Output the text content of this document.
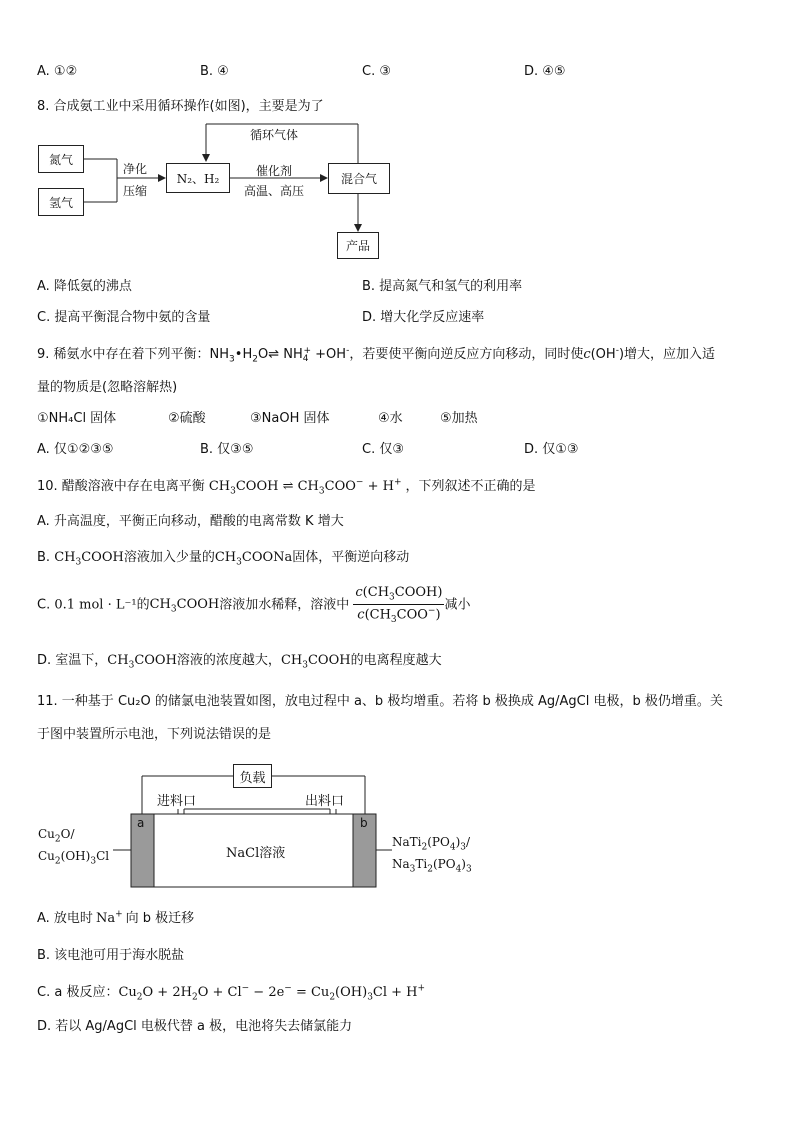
A. ①②	B. ④	C. ③	D. ④⑤
8. 合成氨工业中采用循环操作(如图)，主要是为了
氮气
氢气
净化
压缩
N₂、H₂
催化剂
高温、高压
混合气
循环气体
产品
A. 降低氨的沸点	B. 提高氮气和氢气的利用率
C. 提高平衡混合物中氨的含量	D. 增大化学反应速率
9. 稀氨水中存在着下列平衡：$NH_3•H_2O\rightleftharpoons$ $NH_4^+ +OH^-$，若要使平衡向逆反应方向移动，同时使c(OH-)增大，应加入适
量的物质是(忽略溶解热)
①NH₄Cl 固体	②硫酸	③NaOH 固体	④水	⑤加热
A. 仅①②③⑤	B. 仅③⑤	C. 仅③	D. 仅①③
10. 醋酸溶液中存在电离平衡 $CH_3COOH$ ⇌ $CH_3COO^- + H^+$ ，下列叙述不正确的是
A. 升高温度，平衡正向移动，醋酸的电离常数 K 增大
B. $CH_3COOH$溶液加入少量的$CH_3COONa$固体，平衡逆向移动
C. 0.1 mol · L⁻¹的$CH_3COOH$溶液加水稀释，溶液中 $\frac{c(CH_3COOH)}{c(CH_3COO^-)}$ 减小
D. 室温下，$CH_3COOH$溶液的浓度越大，$CH_3COOH$的电离程度越大
11. 一种基于 Cu₂O 的储氯电池装置如图，放电过程中 a、b 极均增重。若将 b 极换成 Ag/AgCl 电极，b 极仍增重。关
于图中装置所示电池，下列说法错误的是
负载
进料口	出料口
a	b
NaCl溶液
$Cu_2O/$
$Cu_2(OH)_3Cl$
$NaTi_2(PO_4)_3/$
$Na_3Ti_2(PO_4)_3$
A. 放电时 Na+ 向 b 极迁移
B. 该电池可用于海水脱盐
C. a 极反应：$Cu_2O + 2H_2O + Cl^- - 2e^- = Cu_2(OH)_3Cl + H^+$
D. 若以 Ag/AgCl 电极代替 a 极，电池将失去储氯能力
